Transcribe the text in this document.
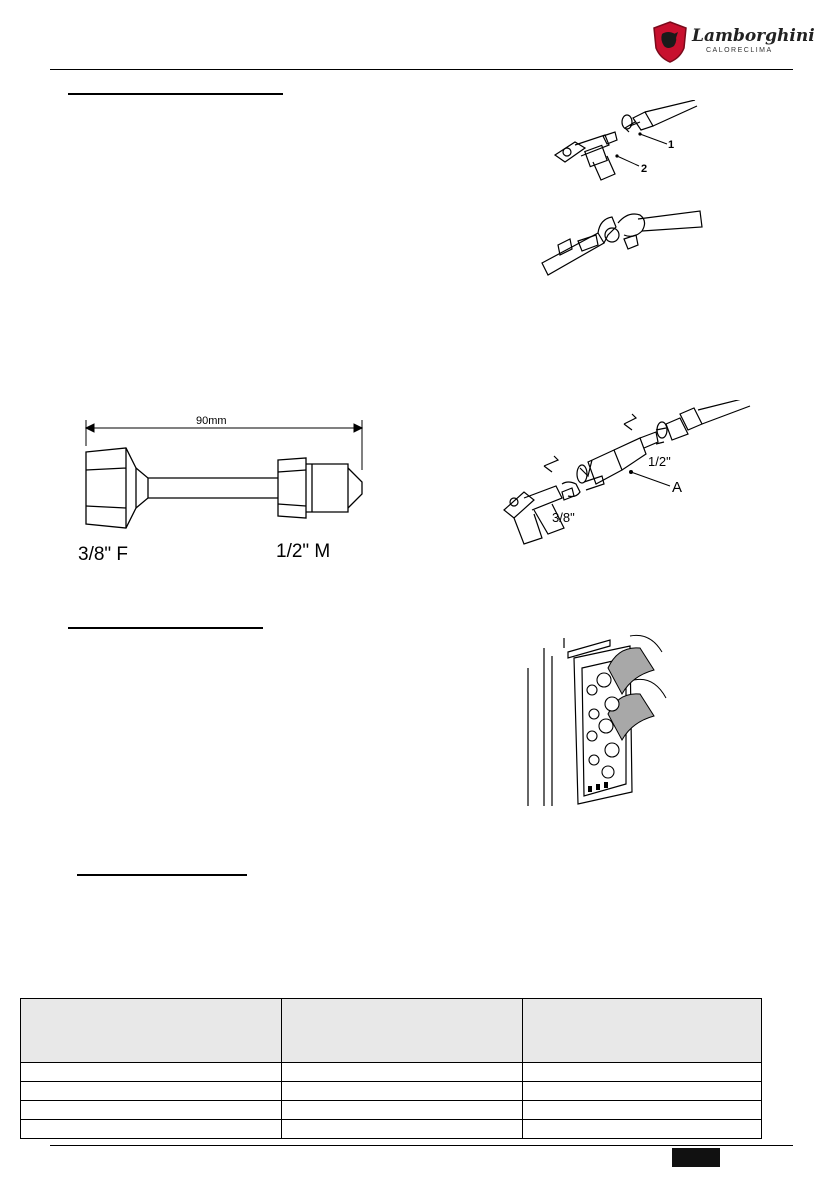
Lamborghini
CALORECLIMA
1
2
90mm
3/8" F	1/2" M
A
1/2"
3/8"
